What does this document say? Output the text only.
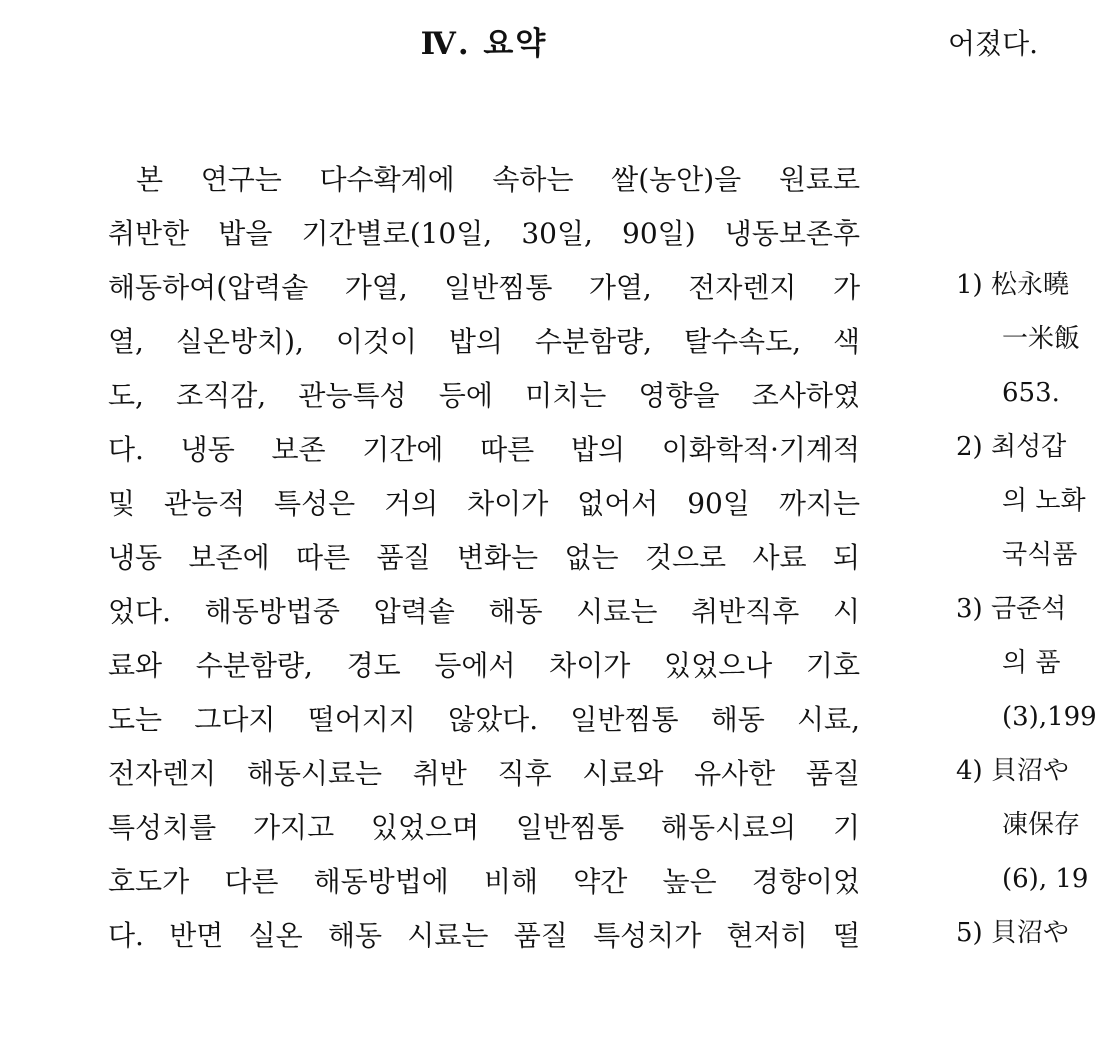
Ⅳ. 요약
본 연구는 다수확계에 속하는 쌀(농안)을 원료로
취반한 밥을 기간별로(10일, 30일, 90일) 냉동보존후
해동하여(압력솥 가열, 일반찜통 가열, 전자렌지 가
열, 실온방치), 이것이 밥의 수분함량, 탈수속도, 색
도, 조직감, 관능특성 등에 미치는 영향을 조사하였
다. 냉동 보존 기간에 따른 밥의 이화학적·기계적
및 관능적 특성은 거의 차이가 없어서 90일 까지는
냉동 보존에 따른 품질 변화는 없는 것으로 사료 되
었다. 해동방법중 압력솥 해동 시료는 취반직후 시
료와 수분함량, 경도 등에서 차이가 있었으나 기호
도는 그다지 떨어지지 않았다. 일반찜통 해동 시료,
전자렌지 해동시료는 취반 직후 시료와 유사한 품질
특성치를 가지고 있었으며 일반찜통 해동시료의 기
호도가 다른 해동방법에 비해 약간 높은 경향이었
다. 반면 실온 해동 시료는 품질 특성치가 현저히 떨
어졌다.
1) 松永曉
一米飯
653.
2) 최성갑
의 노화
국식품
3) 금준석
의 품
(3),199
4) 貝沼や
凍保存
(6), 19
5) 貝沼や
